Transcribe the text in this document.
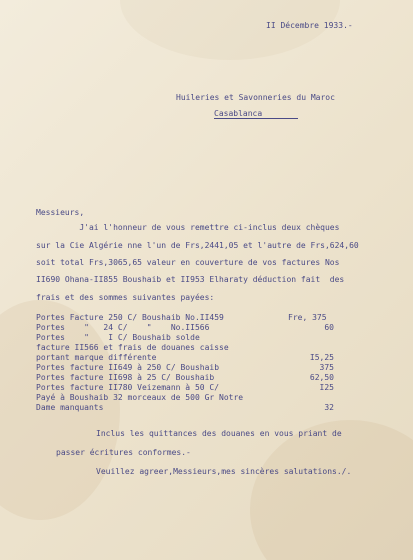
II Décembre 1933.-
Huileries et Savonneries du Maroc
Casablanca
Messieurs,
J'ai l'honneur de vous remettre ci-inclus deux chèques
sur la Cie Algérie nne l'un de Frs,2441,05 et l'autre de Frs,624,60
soit total Frs,3065,65 valeur en couverture de vos factures Nos
II690 Ohana-II855 Boushaib et II953 Elharaty déduction fait  des
frais et des sommes suivantes payées:
Portes Facture 250 C/ Boushaib No.II459	Fre, 375
Portes    "   24 C/    "    No.II566	60
Portes    "    I C/ Boushaib solde
facture II566 et frais de douanes caisse
portant marque différente	I5,25
Portes facture II649 à 250 C/ Boushaib	375
Portes facture II698 à 25 C/ Boushaib	62,50
Portes facture II780 Veizemann à 50 C/	I25
Payé à Boushaib 32 morceaux de 500 Gr Notre
Dame manquants	32
Inclus les quittances des douanes en vous priant de
passer écritures conformes.-
Veuillez agreer,Messieurs,mes sincères salutations./.
